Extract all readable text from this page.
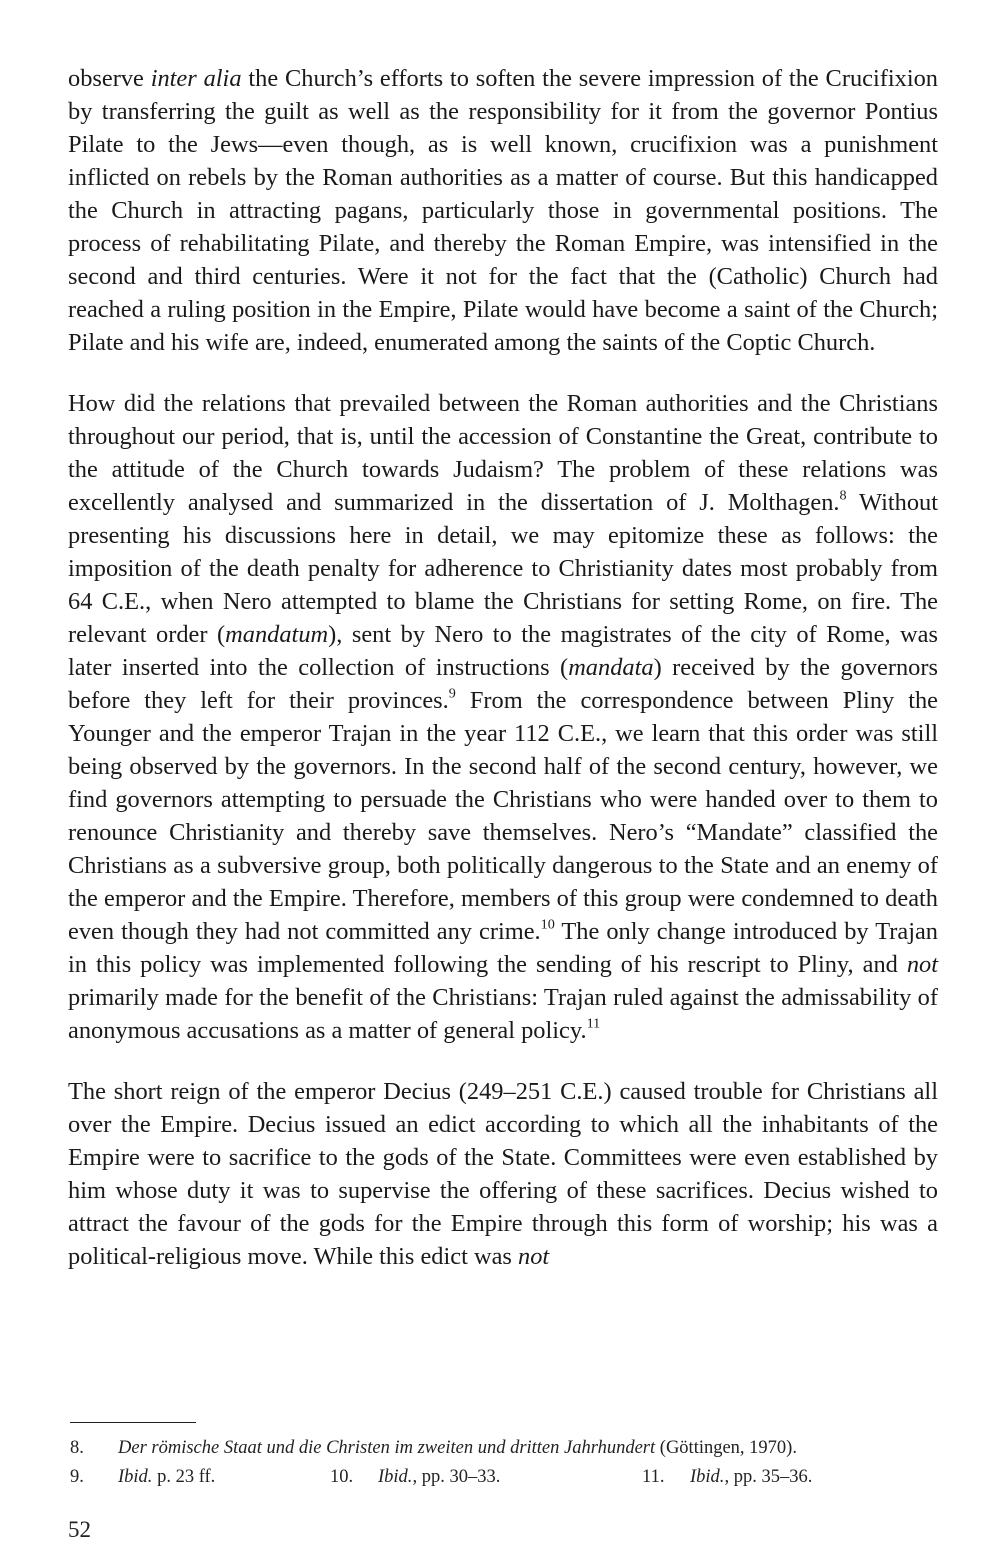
observe inter alia the Church’s efforts to soften the severe impression of the Crucifixion by transferring the guilt as well as the responsibility for it from the governor Pontius Pilate to the Jews—even though, as is well known, crucifixion was a punishment inflicted on rebels by the Roman authorities as a matter of course. But this handicapped the Church in attracting pagans, particularly those in governmental positions. The process of rehabilitating Pilate, and thereby the Roman Empire, was intensified in the second and third centuries. Were it not for the fact that the (Catholic) Church had reached a ruling position in the Empire, Pilate would have become a saint of the Church; Pilate and his wife are, indeed, enumerated among the saints of the Coptic Church.

How did the relations that prevailed between the Roman authorities and the Christians throughout our period, that is, until the accession of Constantine the Great, contribute to the attitude of the Church towards Judaism? The problem of these relations was excellently analysed and summarized in the dissertation of J. Molthagen.$^8$ Without presenting his discussions here in detail, we may epitomize these as follows: the imposition of the death penalty for adherence to Christianity dates most probably from 64 C.E., when Nero attempted to blame the Christians for setting Rome, on fire. The relevant order (mandatum), sent by Nero to the magistrates of the city of Rome, was later inserted into the collection of instructions (mandata) received by the governors before they left for their provinces.$^9$ From the correspondence between Pliny the Younger and the emperor Trajan in the year 112 C.E., we learn that this order was still being observed by the governors. In the second half of the second century, however, we find governors attempting to persuade the Christians who were handed over to them to renounce Christianity and thereby save themselves. Nero’s “Mandate” classified the Christians as a subversive group, both politically dangerous to the State and an enemy of the emperor and the Empire. Therefore, members of this group were condemned to death even though they had not committed any crime.$^{10}$ The only change introduced by Trajan in this policy was implemented following the sending of his rescript to Pliny, and not primarily made for the benefit of the Christians: Trajan ruled against the admissability of anonymous accusations as a matter of general policy.$^{11}$

The short reign of the emperor Decius (249–251 C.E.) caused trouble for Christians all over the Empire. Decius issued an edict according to which all the inhabitants of the Empire were to sacrifice to the gods of the State. Committees were even established by him whose duty it was to supervise the offering of these sacrifices. Decius wished to attract the favour of the gods for the Empire through this form of worship; his was a political-religious move. While this edict was not

8. Der römische Staat und die Christen im zweiten und dritten Jahrhundert (Göttingen, 1970).
9. Ibid. p. 23 ff.	10. Ibid., pp. 30–33.	11. Ibid., pp. 35–36.
52
